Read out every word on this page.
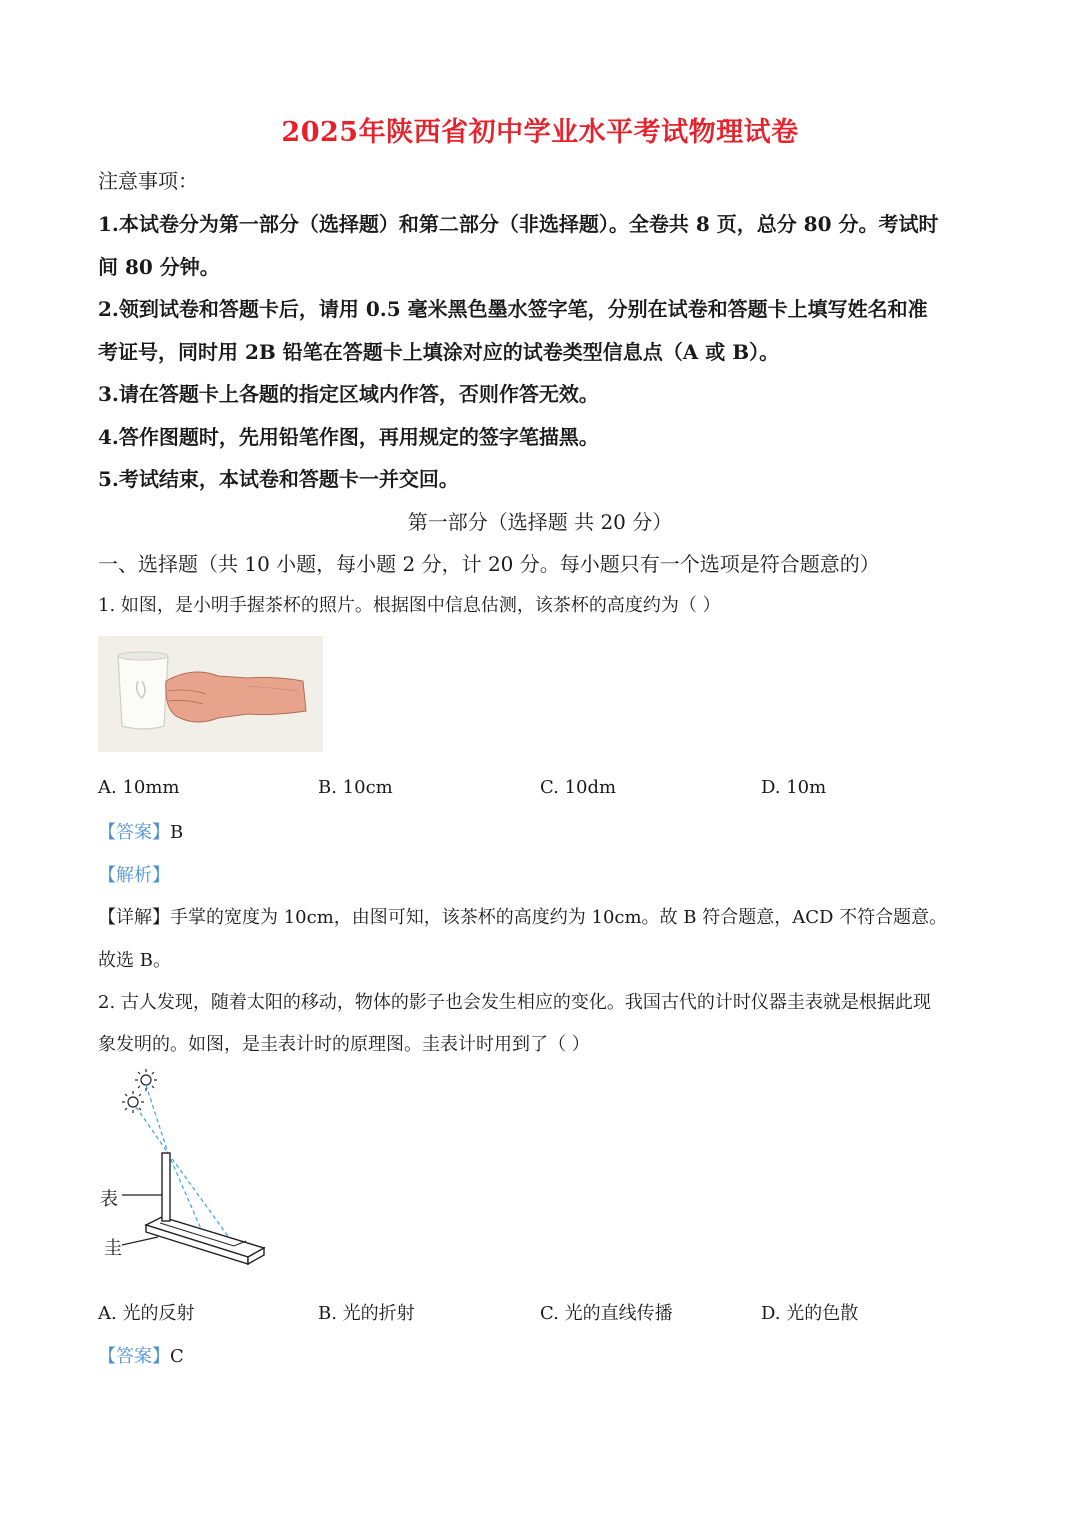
2025年陕西省初中学业水平考试物理试卷
注意事项：
1.本试卷分为第一部分（选择题）和第二部分（非选择题）。全卷共 8 页，总分 80 分。考试时
间 80 分钟。
2.领到试卷和答题卡后，请用 0.5 毫米黑色墨水签字笔，分别在试卷和答题卡上填写姓名和准
考证号，同时用 2B 铅笔在答题卡上填涂对应的试卷类型信息点（A 或 B）。
3.请在答题卡上各题的指定区域内作答，否则作答无效。
4.答作图题时，先用铅笔作图，再用规定的签字笔描黑。
5.考试结束，本试卷和答题卡一并交回。
第一部分（选择题 共 20 分）
一、选择题（共 10 小题，每小题 2 分，计 20 分。每小题只有一个选项是符合题意的）
1. 如图，是小明手握茶杯的照片。根据图中信息估测，该茶杯的高度约为（ ）
A. 10mm	B. 10cm	C. 10dm	D. 10m
【答案】B
【解析】
【详解】手掌的宽度为 10cm，由图可知，该茶杯的高度约为 10cm。故 B 符合题意，ACD 不符合题意。
故选 B。
2. 古人发现，随着太阳的移动，物体的影子也会发生相应的变化。我国古代的计时仪器圭表就是根据此现
象发明的。如图，是圭表计时的原理图。圭表计时用到了（ ）
表
圭
A. 光的反射	B. 光的折射	C. 光的直线传播	D. 光的色散
【答案】C
